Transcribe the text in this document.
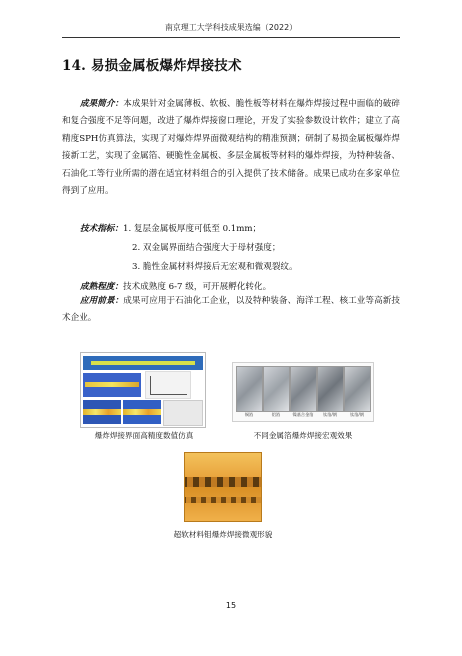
南京理工大学科技成果选编（2022）
14. 易损金属板爆炸焊接技术
成果简介：本成果针对金属薄板、软板、脆性板等材料在爆炸焊接过程中面临的破碎和复合强度不足等问题，改进了爆炸焊接窗口理论，开发了实验参数设计软件；建立了高精度SPH仿真算法，实现了对爆炸焊界面微观结构的精准预测；研制了易损金属板爆炸焊接新工艺，实现了金属箔、硬脆性金属板、多层金属板等材料的爆炸焊接，为特种装备、石油化工等行业所需的潜在适宜材料组合的引入提供了技术储备。成果已成功在多家单位得到了应用。
技术指标：1. 复层金属板厚度可低至 0.1mm；
2. 双金属界面结合强度大于母材强度；
3. 脆性金属材料焊接后无宏观和微观裂纹。
成熟程度：技术成熟度 6-7 级，可开展孵化转化。
应用前景：成果可应用于石油化工企业，以及特种装备、海洋工程、核工业等高新技术企业。
爆炸焊接界面高精度数值仿真
铜箔	铝箔	镍基合金箔	钛箔/钢	钛箔/钢
不同金属箔爆炸焊接宏观效果
超软材料钼爆炸焊接微观形貌
15
